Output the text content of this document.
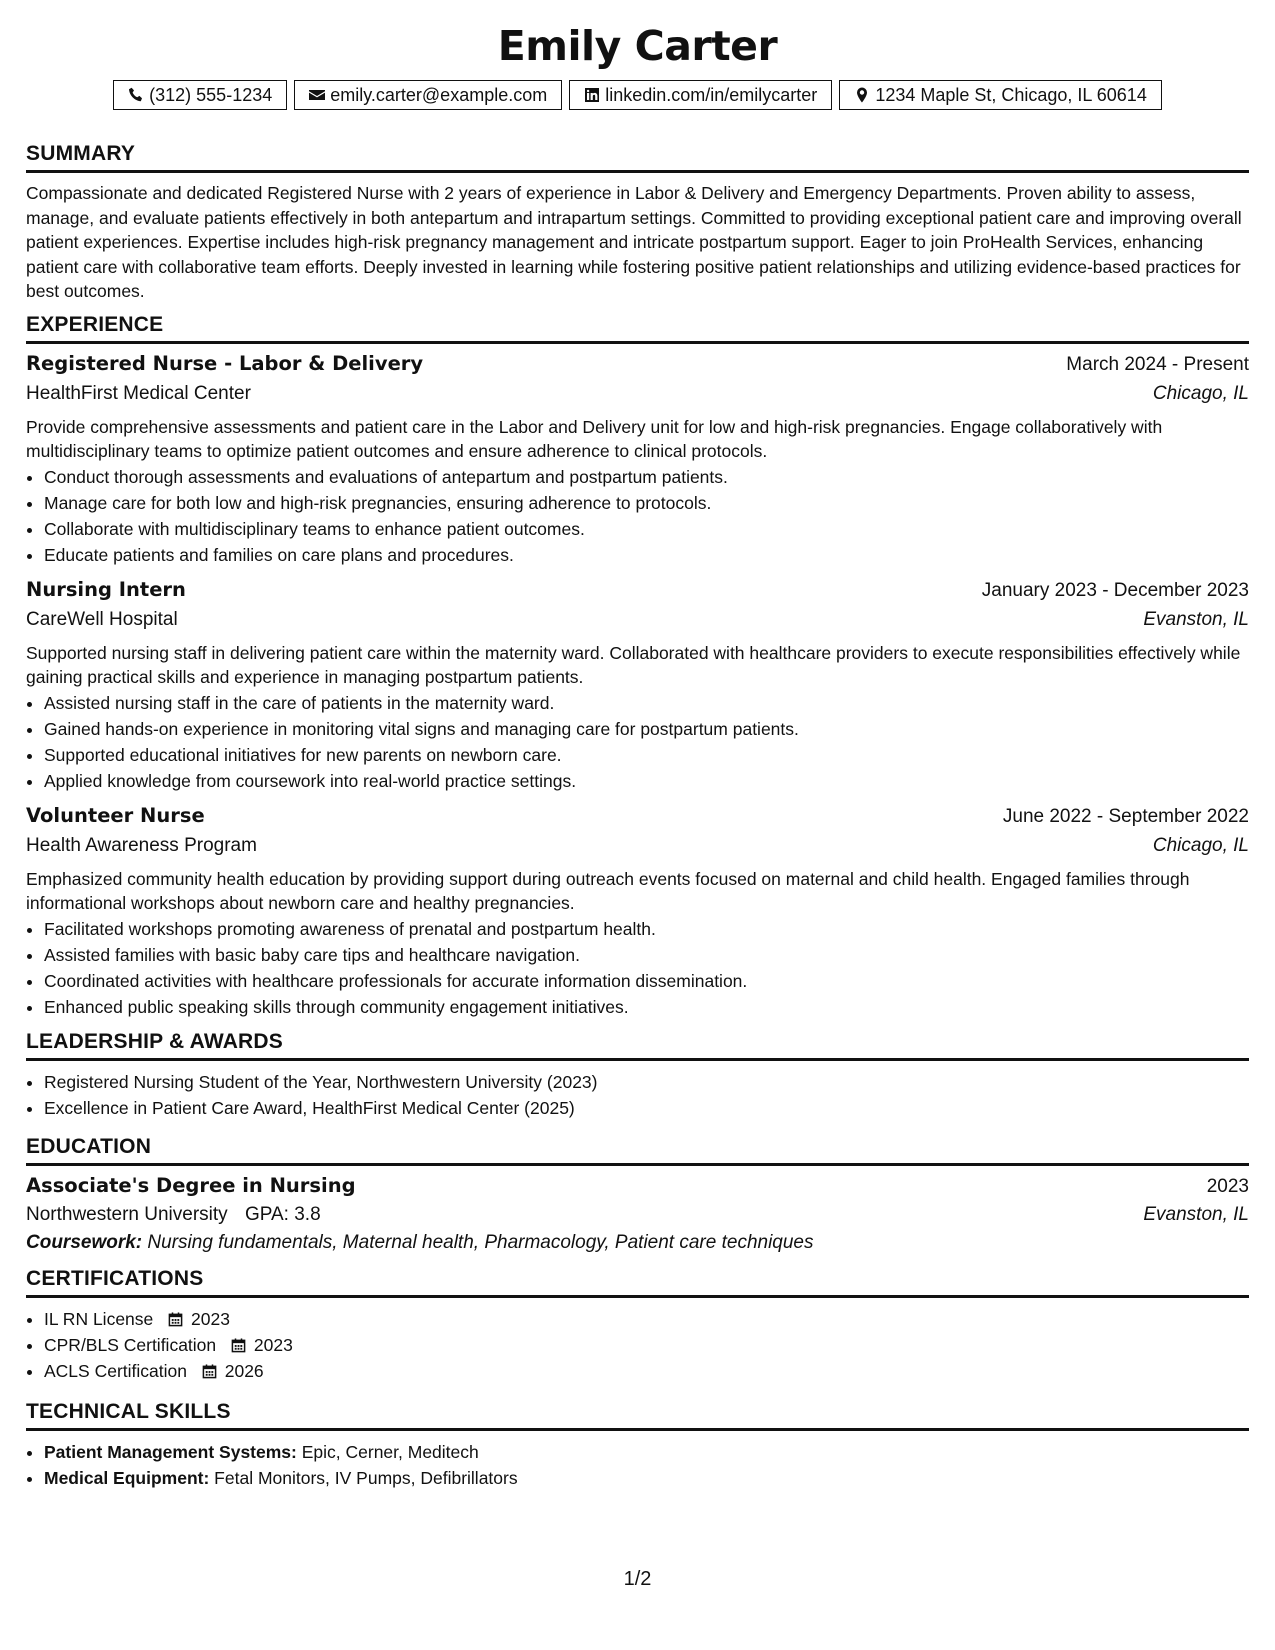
Emily Carter
(312) 555-1234	emily.carter@example.com	linkedin.com/in/emilycarter	1234 Maple St, Chicago, IL 60614
SUMMARY
Compassionate and dedicated Registered Nurse with 2 years of experience in Labor & Delivery and Emergency Departments. Proven ability to assess, manage, and evaluate patients effectively in both antepartum and intrapartum settings. Committed to providing exceptional patient care and improving overall patient experiences. Expertise includes high-risk pregnancy management and intricate postpartum support. Eager to join ProHealth Services, enhancing patient care with collaborative team efforts. Deeply invested in learning while fostering positive patient relationships and utilizing evidence-based practices for best outcomes.
EXPERIENCE
Registered Nurse - Labor & Delivery	March 2024 - Present
HealthFirst Medical Center	Chicago, IL
Provide comprehensive assessments and patient care in the Labor and Delivery unit for low and high-risk pregnancies. Engage collaboratively with multidisciplinary teams to optimize patient outcomes and ensure adherence to clinical protocols.
• Conduct thorough assessments and evaluations of antepartum and postpartum patients.
• Manage care for both low and high-risk pregnancies, ensuring adherence to protocols.
• Collaborate with multidisciplinary teams to enhance patient outcomes.
• Educate patients and families on care plans and procedures.
Nursing Intern	January 2023 - December 2023
CareWell Hospital	Evanston, IL
Supported nursing staff in delivering patient care within the maternity ward. Collaborated with healthcare providers to execute responsibilities effectively while gaining practical skills and experience in managing postpartum patients.
• Assisted nursing staff in the care of patients in the maternity ward.
• Gained hands-on experience in monitoring vital signs and managing care for postpartum patients.
• Supported educational initiatives for new parents on newborn care.
• Applied knowledge from coursework into real-world practice settings.
Volunteer Nurse	June 2022 - September 2022
Health Awareness Program	Chicago, IL
Emphasized community health education by providing support during outreach events focused on maternal and child health. Engaged families through informational workshops about newborn care and healthy pregnancies.
• Facilitated workshops promoting awareness of prenatal and postpartum health.
• Assisted families with basic baby care tips and healthcare navigation.
• Coordinated activities with healthcare professionals for accurate information dissemination.
• Enhanced public speaking skills through community engagement initiatives.
LEADERSHIP & AWARDS
• Registered Nursing Student of the Year, Northwestern University (2023)
• Excellence in Patient Care Award, HealthFirst Medical Center (2025)
EDUCATION
Associate's Degree in Nursing	2023
Northwestern University GPA: 3.8	Evanston, IL
Coursework: Nursing fundamentals, Maternal health, Pharmacology, Patient care techniques
CERTIFICATIONS
• IL RN License 2023
• CPR/BLS Certification 2023
• ACLS Certification 2026
TECHNICAL SKILLS
• Patient Management Systems: Epic, Cerner, Meditech
• Medical Equipment: Fetal Monitors, IV Pumps, Defibrillators
1/2
